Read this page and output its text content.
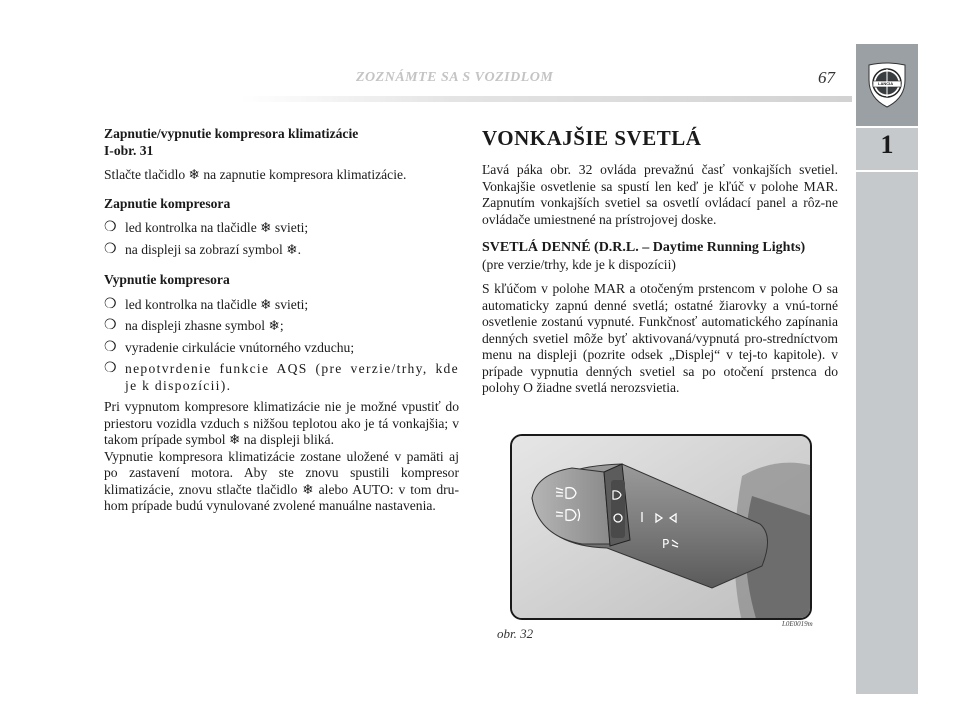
ZOZNÁMTE SA S VOZIDLOM	67	LANCIA
1
Zapnutie/vypnutie kompresora klimatizácie
I-obr. 31
Stlačte tlačidlo ❄ na zapnutie kompresora klimatizácie.
Zapnutie kompresora
❍ led kontrolka na tlačidle ❄ svieti;
❍ na displeji sa zobrazí symbol ❄.
Vypnutie kompresora
❍ led kontrolka na tlačidle ❄ svieti;
❍ na displeji zhasne symbol ❄;
❍ vyradenie cirkulácie vnútorného vzduchu;
❍ nepotvrdenie funkcie AQS (pre verzie/trhy, kde je k dispozícii).
Pri vypnutom kompresore klimatizácie nie je možné vpustiť do priestoru vozidla vzduch s nižšou teplotou ako je tá vonkajšia; v takom prípade symbol ❄ na displeji bliká.
Vypnutie kompresora klimatizácie zostane uložené v pamäti aj po zastavení motora. Aby ste znovu spustili kompresor klimatizácie, znovu stlačte tlačidlo ❄ alebo AUTO: v tom dru-hom prípade budú vynulované zvolené manuálne nastavenia.
VONKAJŠIE SVETLÁ
Ľavá páka obr. 32 ovláda prevažnú časť vonkajších svetiel. Vonkajšie osvetlenie sa spustí len keď je kľúč v polohe MAR. Zapnutím vonkajších svetiel sa osvetlí ovládací panel a rôz-ne ovládače umiestnené na prístrojovej doske.
SVETLÁ DENNÉ (D.R.L. – Daytime Running Lights)
(pre verzie/trhy, kde je k dispozícii)
S kľúčom v polohe MAR a otočeným prstencom v polohe O sa automaticky zapnú denné svetlá; ostatné žiarovky a vnú-torné osvetlenie zostanú vypnuté. Funkčnosť automatického zapínania denných svetiel môže byť aktivovaná/vypnutá pro-stredníctvom menu na displeji (pozrite odsek „Displej“ v tej-to kapitole). v prípade vypnutia denných svetiel sa po otočení prstenca do polohy O žiadne svetlá nerozsvietia.
P
obr. 32
L0E0019m
